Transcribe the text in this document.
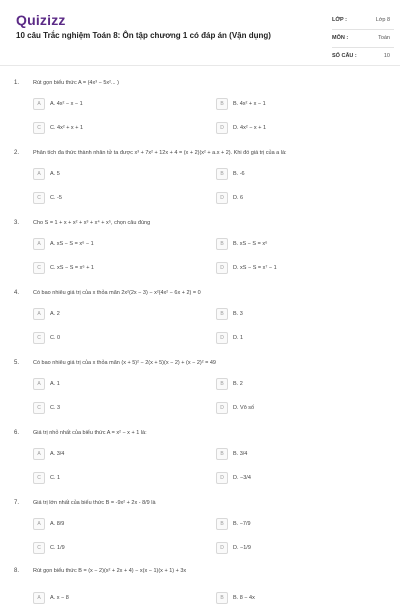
Quizizz
10 câu Trắc nghiệm Toán 8: Ôn tập chương 1 có đáp án (Vận dụng)
LỚP :	Lớp 8
MÔN :	Toán
SỐ CÂU :	10
1.	Rút gọn biểu thức A = (4x³ − 5x²... )
A A. 4x² − x − 1	B B. 4x² + x − 1
C C. 4x² + x + 1	D D. 4x² − x + 1
2.	Phân tích đa thức thành nhân tử ta được x³ + 7x² + 12x + 4 = (x + 2)(x² + a.x + 2). Khi đó giá trị của a là:
A A. 5	B B. -6
C C. -5	D D. 6
3.	Cho S = 1 + x + x² + x³ + x⁴ + x⁵, chọn câu đúng
A A. xS − S = x⁶ − 1	B B. xS − S = x⁶
C C. xS − S = x⁶ + 1	D D. xS − S = x⁷ − 1
4.	Có bao nhiêu giá trị của x thỏa mãn 2x²(2x − 3) − x²(4x² − 6x + 2) = 0
A A. 2	B B. 3
C C. 0	D D. 1
5.	Có bao nhiêu giá trị của x thỏa mãn (x + 5)² − 2(x + 5)(x − 2) + (x − 2)² = 49
A A. 1	B B. 2
C C. 3	D D. Vô số
6.	Giá trị nhỏ nhất của biểu thức A = x² − x + 1 là:
A A. 3/4	B B. 3/4
C C. 1	D D. −3/4
7.	Giá trị lớn nhất của biểu thức B = -9x² + 2x - 8/9 là
A A. 8/9	B B. −7/9
C C. 1/9	D D. −1/9
8.	Rút gọn biểu thức B = (x − 2)(x² + 2x + 4) − x(x − 1)(x + 1) + 3x
A A. x − 8	B B. 8 − 4x
